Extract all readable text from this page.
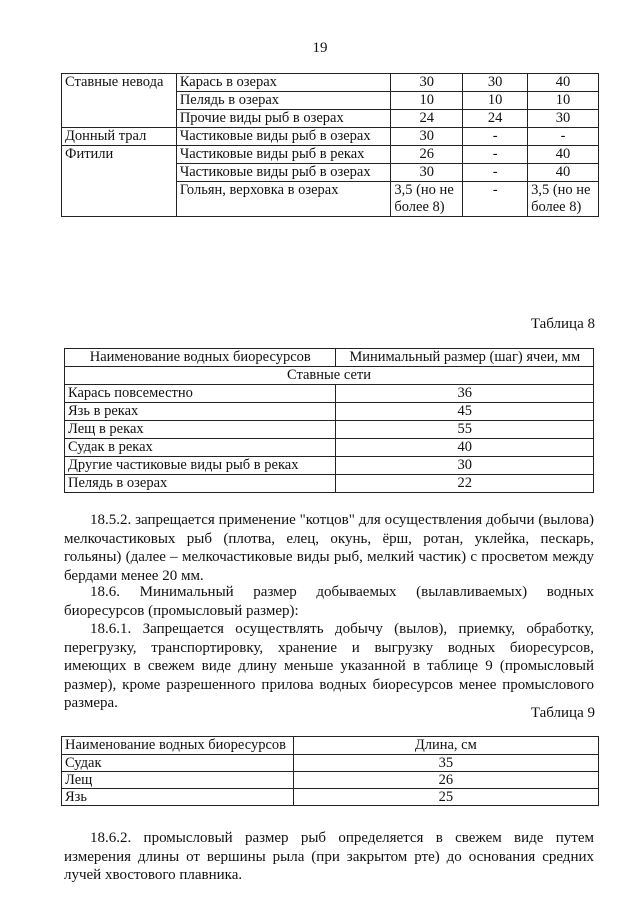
19
Ставные невода	Карась в озерах	30	30	40
	Пелядь в озерах	10	10	10
	Прочие виды рыб в озерах	24	24	30
Донный трал	Частиковые виды рыб в озерах	30	-	-
Фитили	Частиковые виды рыб в реках	26	-	40
	Частиковые виды рыб в озерах	30	-	40
	Гольян, верховка в озерах	3,5 (но не более 8)	-	3,5 (но не более 8)
Таблица 8
Наименование водных биоресурсов	Минимальный размер (шаг) ячеи, мм
Ставные сети	
Карась повсеместно	36
Язь в реках	45
Лещ в реках	55
Судак в реках	40
Другие частиковые виды рыб в реках	30
Пелядь в озерах	22
18.5.2. запрещается применение "котцов" для осуществления добычи (вылова) мелкочастиковых рыб (плотва, елец, окунь, ёрш, ротан, уклейка, пескарь, гольяны) (далее – мелкочастиковые виды рыб, мелкий частик) с просветом между бердами менее 20 мм.
18.6. Минимальный размер добываемых (вылавливаемых) водных биоресурсов (промысловый размер):
18.6.1. Запрещается осуществлять добычу (вылов), приемку, обработку, перегрузку, транспортировку, хранение и выгрузку водных биоресурсов, имеющих в свежем виде длину меньше указанной в таблице 9 (промысловый размер), кроме разрешенного прилова водных биоресурсов менее промыслового размера.
Таблица 9
Наименование водных биоресурсов	Длина, см
Судак	35
Лещ	26
Язь	25
18.6.2. промысловый размер рыб определяется в свежем виде путем измерения длины от вершины рыла (при закрытом рте) до основания средних лучей хвостового плавника.
